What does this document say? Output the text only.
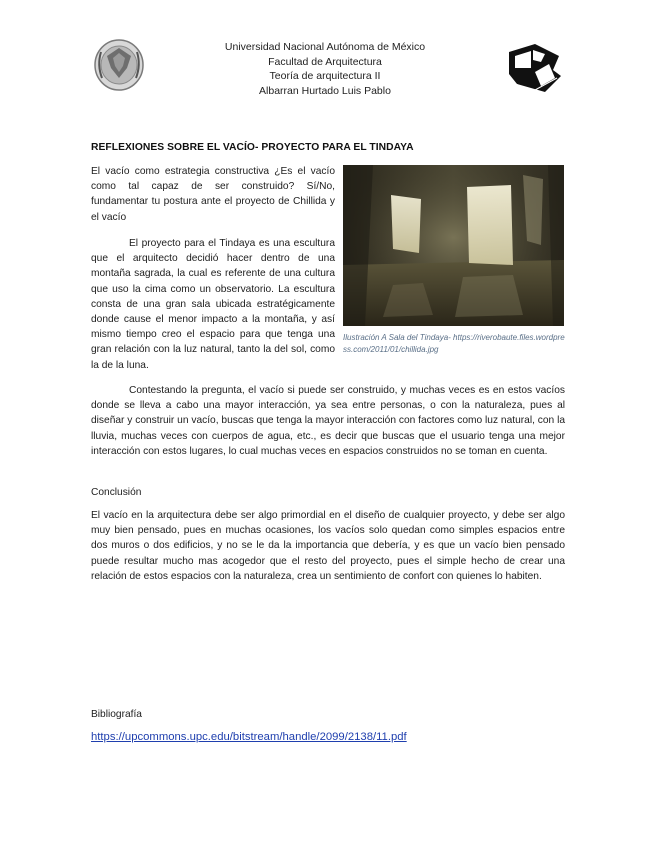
Universidad Nacional Autónoma de México
Facultad de Arquitectura
Teoría de arquitectura II
Albarran Hurtado Luis Pablo
REFLEXIONES SOBRE EL VACÍO- PROYECTO PARA EL TINDAYA

El vacío como estrategia constructiva ¿Es el vacío como tal capaz de ser construido? Sí/No, fundamentar tu postura ante el proyecto de Chillida y el vacío

El proyecto para el Tindaya es una escultura que el arquitecto decidió hacer dentro de una montaña sagrada, la cual es referente de una cultura que uso la cima como un observatorio. La escultura consta de una gran sala ubicada estratégicamente donde cause el menor impacto a la montaña, y así mismo tiempo creo el espacio para que tenga una gran relación con la luz natural, tanto la del sol, como la de la luna.

Ilustración A Sala del Tindaya- https://riverobaute.files.wordpress.com/2011/01/chillida.jpg

Contestando la pregunta, el vacío si puede ser construido, y muchas veces es en estos vacíos donde se lleva a cabo una mayor interacción, ya sea entre personas, o con la naturaleza, pues al diseñar y construir un vacío, buscas que tenga la mayor interacción con factores como luz natural, con la lluvia, muchas veces con cuerpos de agua, etc., es decir que buscas que el usuario tenga una mejor interacción con estos lugares, lo cual muchas veces en espacios construidos no se toman en cuenta.

Conclusión

El vacío en la arquitectura debe ser algo primordial en el diseño de cualquier proyecto, y debe ser algo muy bien pensado, pues en muchas ocasiones, los vacíos solo quedan como simples espacios entre dos muros o dos edificios, y no se le da la importancia que debería, y es que un vacío bien pensado puede resultar mucho mas acogedor que el resto del proyecto, pues el simple hecho de crear una relación de estos espacios con la naturaleza, crea un sentimiento de confort con quienes lo habiten.

Bibliografía

https://upcommons.upc.edu/bitstream/handle/2099/2138/11.pdf
